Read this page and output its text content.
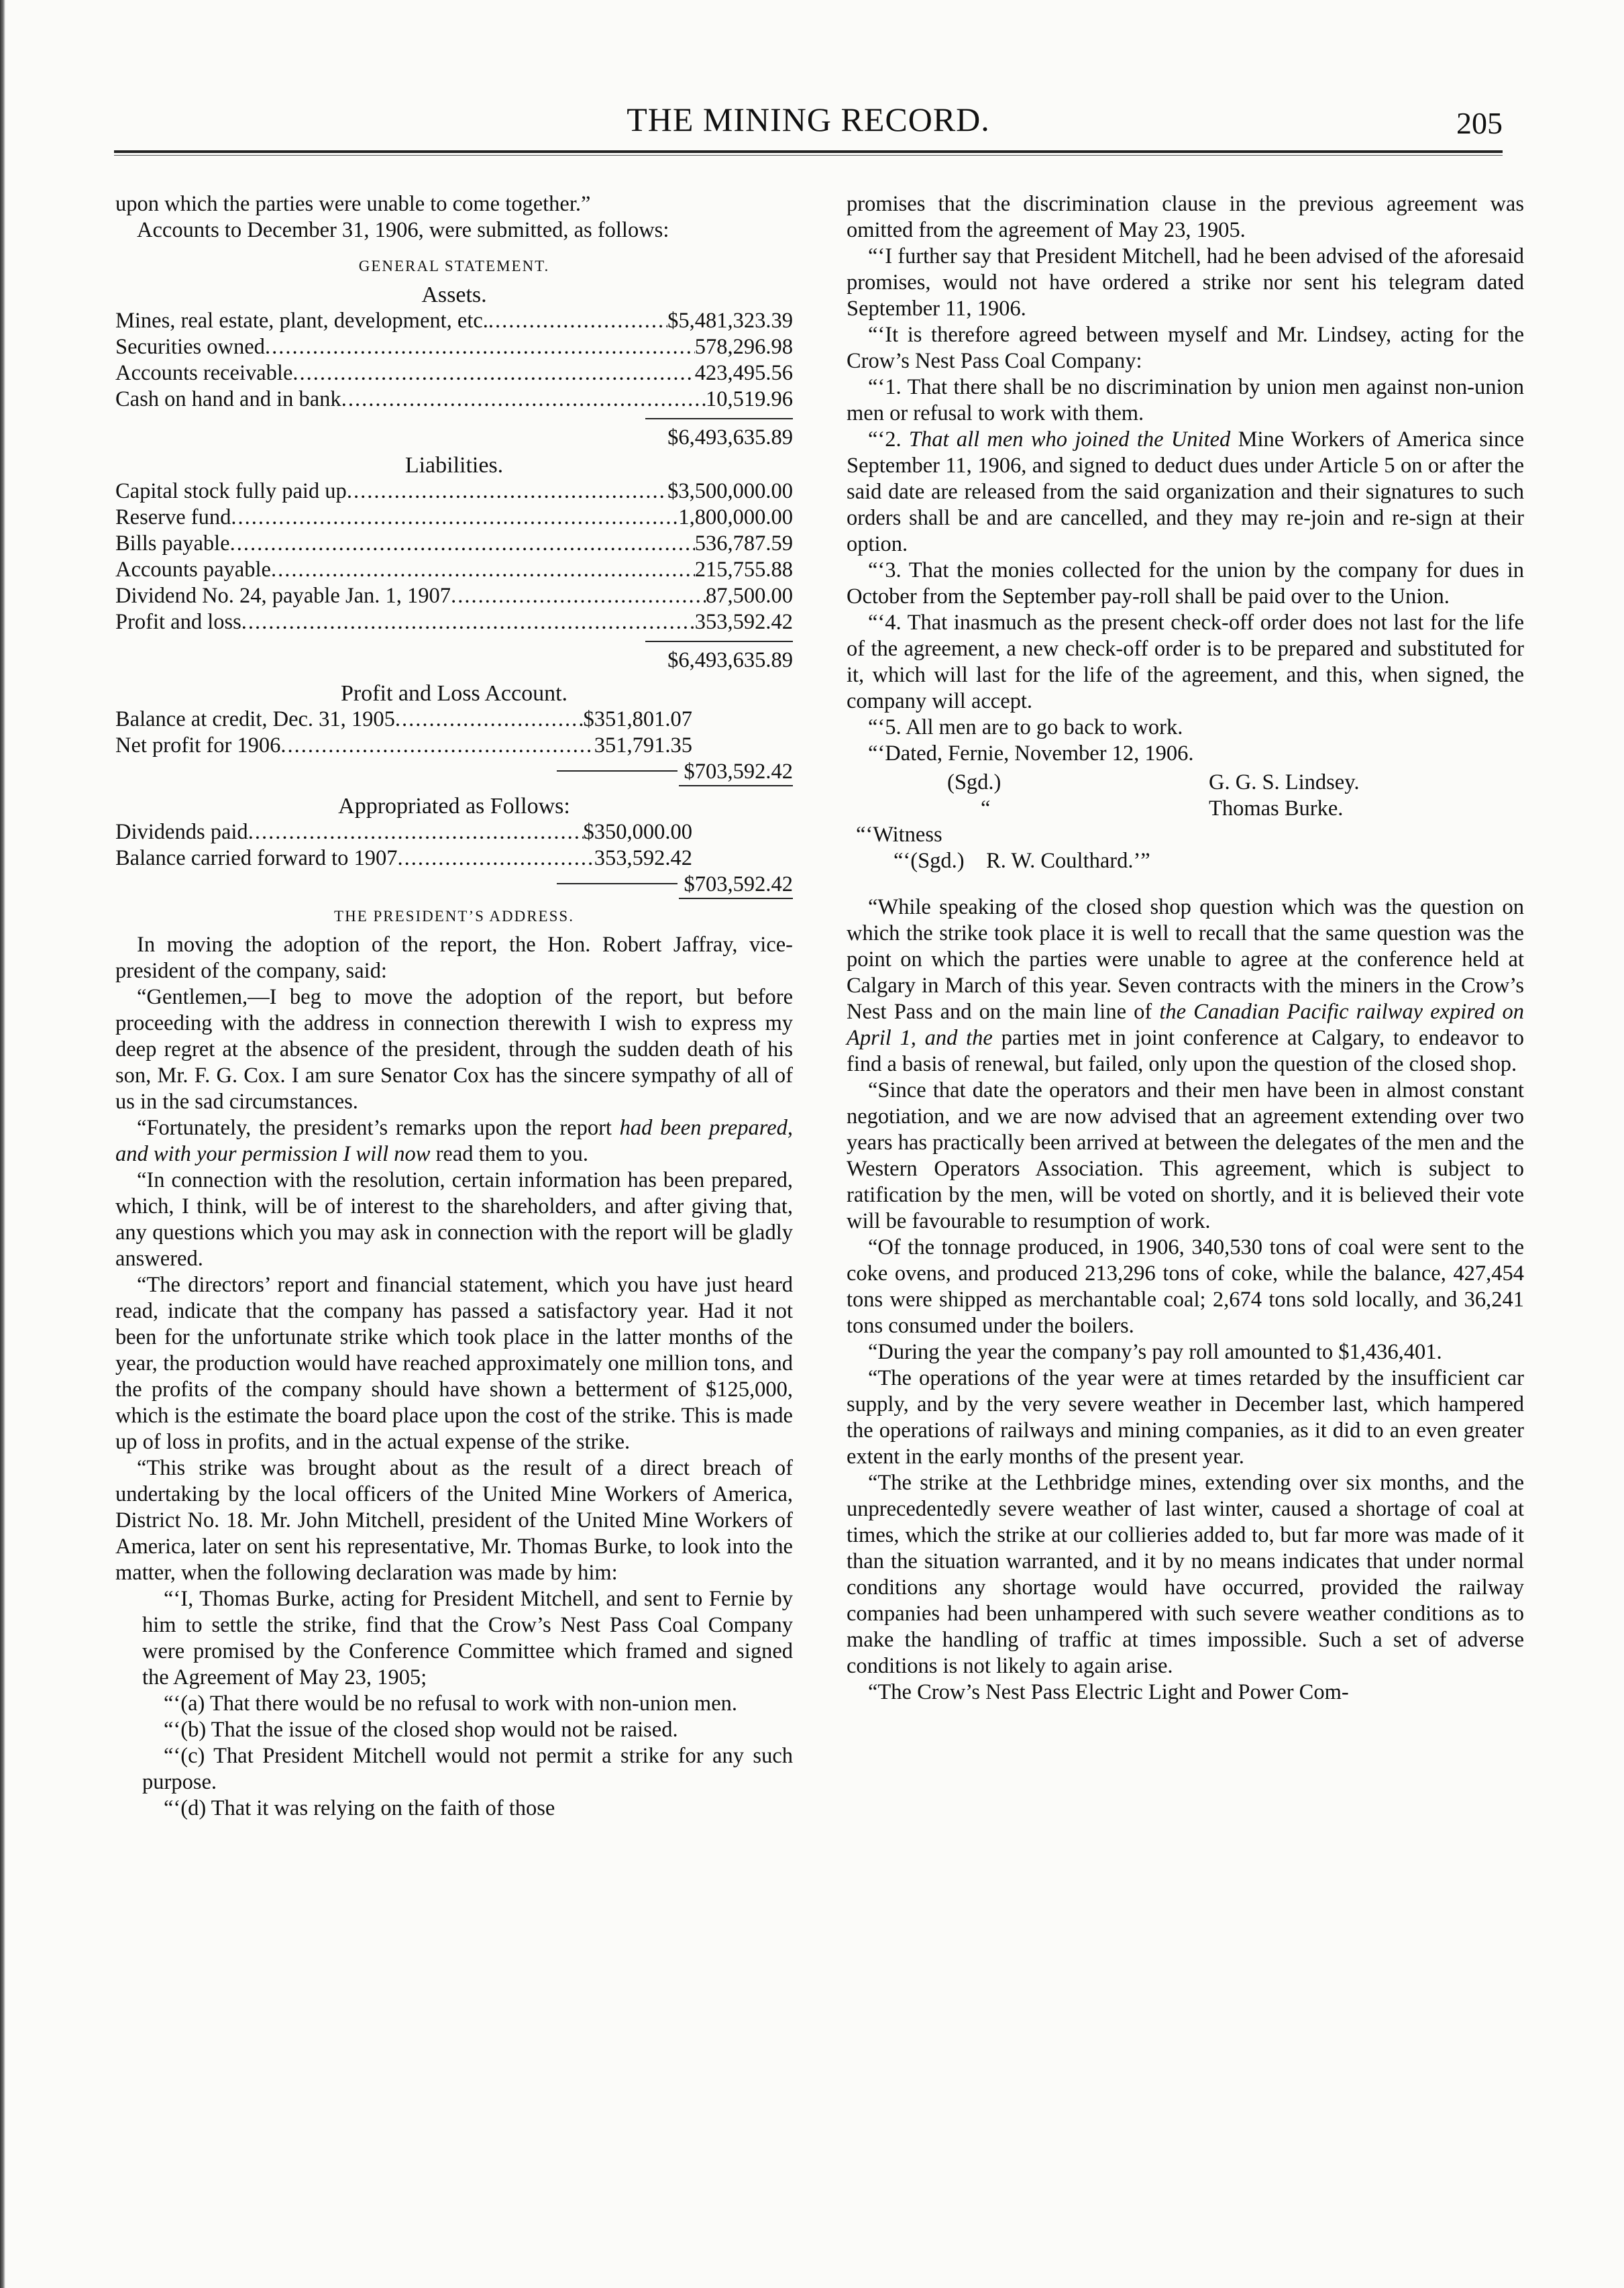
THE MINING RECORD.	205

upon which the parties were unable to come together.”

Accounts to December 31, 1906, were submitted, as follows:

GENERAL STATEMENT.
Assets.
Mines, real estate, plant, development, etc. .....	$5,481,323.39
Securities owned .....	578,296.98
Accounts receivable .....	423,495.56
Cash on hand and in bank .....	10,519.96
$6,493,635.89
Liabilities.
Capital stock fully paid up .....	$3,500,000.00
Reserve fund .....	1,800,000.00
Bills payable .....	536,787.59
Accounts payable .....	215,755.88
Dividend No. 24, payable Jan. 1, 1907 .....	87,500.00
Profit and loss .....	353,592.42
$6,493,635.89
Profit and Loss Account.
Balance at credit, Dec. 31, 1905 .....	$351,801.07
Net profit for 1906 .....	351,791.35
$703,592.42
Appropriated as Follows:
Dividends paid .....	$350,000.00
Balance carried forward to 1907 .....	353,592.42
$703,592.42
THE PRESIDENT’S ADDRESS.

In moving the adoption of the report, the Hon. Robert Jaffray, vice-president of the company, said:

“Gentlemen,—I beg to move the adoption of the report, but before proceeding with the address in connection therewith I wish to express my deep regret at the absence of the president, through the sudden death of his son, Mr. F. G. Cox. I am sure Senator Cox has the sincere sympathy of all of us in the sad circumstances.

“Fortunately, the president’s remarks upon the report had been prepared, and with your permission I will now read them to you.

“In connection with the resolution, certain information has been prepared, which, I think, will be of interest to the shareholders, and after giving that, any questions which you may ask in connection with the report will be gladly answered.

“The directors’ report and financial statement, which you have just heard read, indicate that the company has passed a satisfactory year. Had it not been for the unfortunate strike which took place in the latter months of the year, the production would have reached approximately one million tons, and the profits of the company should have shown a betterment of $125,000, which is the estimate the board place upon the cost of the strike. This is made up of loss in profits, and in the actual expense of the strike.

“This strike was brought about as the result of a direct breach of undertaking by the local officers of the United Mine Workers of America, District No. 18. Mr. John Mitchell, president of the United Mine Workers of America, later on sent his representative, Mr. Thomas Burke, to look into the matter, when the following declaration was made by him:

“‘I, Thomas Burke, acting for President Mitchell, and sent to Fernie by him to settle the strike, find that the Crow’s Nest Pass Coal Company were promised by the Conference Committee which framed and signed the Agreement of May 23, 1905;

“‘(a) That there would be no refusal to work with non-union men.

“‘(b) That the issue of the closed shop would not be raised.

“‘(c) That President Mitchell would not permit a strike for any such purpose.

“‘(d) That it was relying on the faith of those

promises that the discrimination clause in the previous agreement was omitted from the agreement of May 23, 1905.

“‘I further say that President Mitchell, had he been advised of the aforesaid promises, would not have ordered a strike nor sent his telegram dated September 11, 1906.

“‘It is therefore agreed between myself and Mr. Lindsey, acting for the Crow’s Nest Pass Coal Company:

“‘1. That there shall be no discrimination by union men against non-union men or refusal to work with them.

“‘2. That all men who joined the United Mine Workers of America since September 11, 1906, and signed to deduct dues under Article 5 on or after the said date are released from the said organization and their signatures to such orders shall be and are cancelled, and they may re-join and re-sign at their option.

“‘3. That the monies collected for the union by the company for dues in October from the September pay-roll shall be paid over to the Union.

“‘4. That inasmuch as the present check-off order does not last for the life of the agreement, a new check-off order is to be prepared and substituted for it, which will last for the life of the agreement, and this, when signed, the company will accept.

“‘5. All men are to go back to work.

“‘Dated, Fernie, November 12, 1906.

(Sgd.)	G. G. S. Lindsey.
“	Thomas Burke.

“‘Witness

“‘(Sgd.) R. W. Coulthard.’”

“While speaking of the closed shop question which was the question on which the strike took place it is well to recall that the same question was the point on which the parties were unable to agree at the conference held at Calgary in March of this year. Seven contracts with the miners in the Crow’s Nest Pass and on the main line of the Canadian Pacific railway expired on April 1, and the parties met in joint conference at Calgary, to endeavor to find a basis of renewal, but failed, only upon the question of the closed shop.

“Since that date the operators and their men have been in almost constant negotiation, and we are now advised that an agreement extending over two years has practically been arrived at between the delegates of the men and the Western Operators Association. This agreement, which is subject to ratification by the men, will be voted on shortly, and it is believed their vote will be favourable to resumption of work.

“Of the tonnage produced, in 1906, 340,530 tons of coal were sent to the coke ovens, and produced 213,296 tons of coke, while the balance, 427,454 tons were shipped as merchantable coal; 2,674 tons sold locally, and 36,241 tons consumed under the boilers.

“During the year the company’s pay roll amounted to $1,436,401.

“The operations of the year were at times retarded by the insufficient car supply, and by the very severe weather in December last, which hampered the operations of railways and mining companies, as it did to an even greater extent in the early months of the present year.

“The strike at the Lethbridge mines, extending over six months, and the unprecedentedly severe weather of last winter, caused a shortage of coal at times, which the strike at our collieries added to, but far more was made of it than the situation warranted, and it by no means indicates that under normal conditions any shortage would have occurred, provided the railway companies had been unhampered with such severe weather conditions as to make the handling of traffic at times impossible. Such a set of adverse conditions is not likely to again arise.

“The Crow’s Nest Pass Electric Light and Power Com-
